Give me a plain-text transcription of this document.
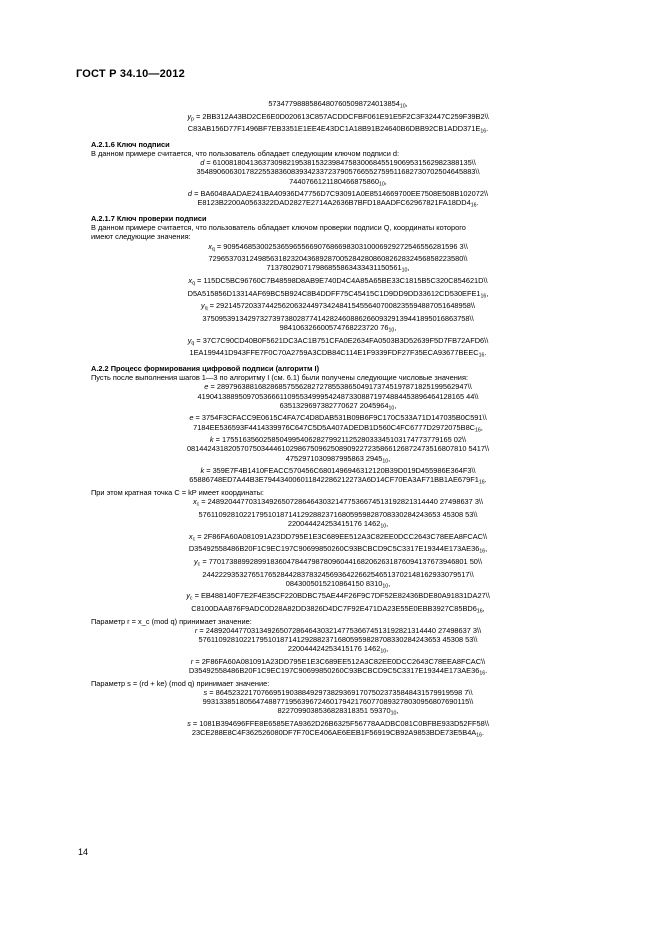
ГОСТ Р 34.10—2012
$57347798885864807605098724013854_{10}$,
$y_p$ = 2BB312A43BD2CE6E0D020613C857ACDDCFBF061E91E5F2C3F32447C259F39B2\\
$C83AB156D77F1496BF7EB3351E1EE4E43DC1A18B91B24640B6DBB92CB1ADD371E_{16}$.
А.2.1.6 Ключ подписи
В данном примере считается, что пользователь обладает следующим ключом подписи d:
d = 610081804136373098219538153239847583006845519069531562982388135\\
35489060630178225538360839342337237905766552759511682730702504645883\\
$7440766121180466875860_{10}$,
d = BA6048AADAE241BA40936D47756D7C93091A0E8514669700EE7508E508B102072\\
$E8123B2200A0563322DAD2827E2714A2636B7BFD18AADFC62967821FA18DD4_{16}$.
А.2.1.7 Ключ проверки подписи
В данном примере считается, что пользователь обладает ключом проверки подписи Q, координаты которого
имеют следующие значения:
$x_q = 909546853002536596556690768669830310006929272546556281596$ 3\\
72965370312498563182320436892870052842808608262832456858223580\\
$713780290717986855863433431150561_{10}$,
$x_q$ = 115DC5BC96760C7B48598D8AB9E740D4C4A85A65BE33C1815B5C320C854621D\\
$D5A515856D13314AF69BC5B924C8B4DDFF75C45415C1D9DD9DD33612CD530EFE1_{16}$,
$y_q$ = 29214572033744256206324497342484154556407008235594887051648958\\
37509539134297327397380287741428246088626609329139441895016863758\\
984106326600574768223720 $76_{10}$,
$y_q$ = 37C7C90CD40B0F5621DC3AC1B751CFA0E2634FA0503B3D52639F5D7FB72AFD6\\
$1EA199441D943FFE7F0C70A2759A3CDB84C114E1F9339FDF27F35ECA93677BEEC_{16}$.
А.2.2 Процесс формирования цифровой подписи (алгоритм I)
Пусть после выполнения шагов 1—3 по алгоритму I (см. 6.1) были получены следующие числовые значения:
e = 2897963881682868575562827278553865049173745197871825199562947\\
41904138895097053666110955349995424873308871974884453896464128165 44\\
6351329697382770627 $2045964_{10}$,
e = 3754F3CFACC9E0615C4FA7C4D8DAB531B09B6F9C170C533A71D147035B0C591\\
$7184EE536593F4414339976C647C5D5A407ADEDB1D560C4FC6777D2972075B8C_{16}$,
k = 17551635602585049954062827992112528033345103174773779165 02\\
08144243182057075034446102986750962508909227235866126872473516807810 5417\\
4752971030987995863 $2945_{10}$,
k = 359E7F4B1410FEACC570456C6801496946312120B39D019D455986E364F3\\
$65886748ED7A44B3E794434006011842286212273A6D14CF70EA3AF71BB1AE679F1_{16}$.
При этом кратная точка C = kP имеет координаты:
$x_c = 24892044770313492650728646430321477536674513192821314440$ 27498637 3\\
57611092810221795101871412928823716805959828708330284243653 45308 53\\
220044424253415176 $1462_{10}$,
$x_c$ = 2F86FA60A081091A23DD795E1E3C689EE512A3C82EE0DCC2643C78EEA8FCAC\\
$D35492558486B20F1C9EC197C90699850260C93BCBCD9C5C3317E19344E173AE36_{16}$,
$y_c = 770173889928991836047844798780960441682062631876094137673946801$ 50\\
24422293532765176528442837832456936422662546513702148162933079517\\
0843005015210864150 $8310_{10}$,
$y_c$ = EB488140F7E2F4E35CF220BDBC75AE44F26F9C7DF52E82436BDE80A91831DA27\\
$C8100DAA876F9ADC0D28A82DD3826D4DC7F92E471DA23E55E0EBB3927C85BD6_{16}$,
Параметр r = x_c (mod q) принимает значение:
r = 24892044770313492650728646430321477536674513192821314440 27498637 3\\
57611092810221795101871412928823716805959828708330284243653 45308 53\\
220044424253415176 $1462_{10}$,
r = 2F86FA60A081091A23DD795E1E3C689EE512A3C82EE0DCC2643C78EEA8FCAC\\
$D35492558486B20F1C9EC197C90699850260C93BCBCD9C5C3317E19344E173AE36_{16}$.
Параметр s = (rd + ke) (mod q) принимает значение:
s = 864523221707669519038849297382936917075023735848431579919598 7\\
99313385180564748877195639672460179421760770893278030956807690115\\
8227099038536828318351 $59370_{10}$,
s = 1081B394696FFE8E6585E7A9362D26B6325F56778AADBC081C0BFBE933D52FF58\\
$23CE288E8C4F362526080DF7F70CE406AE6EEB1F56919CB92A9853BDE73E5B4A_{16}$.
14
